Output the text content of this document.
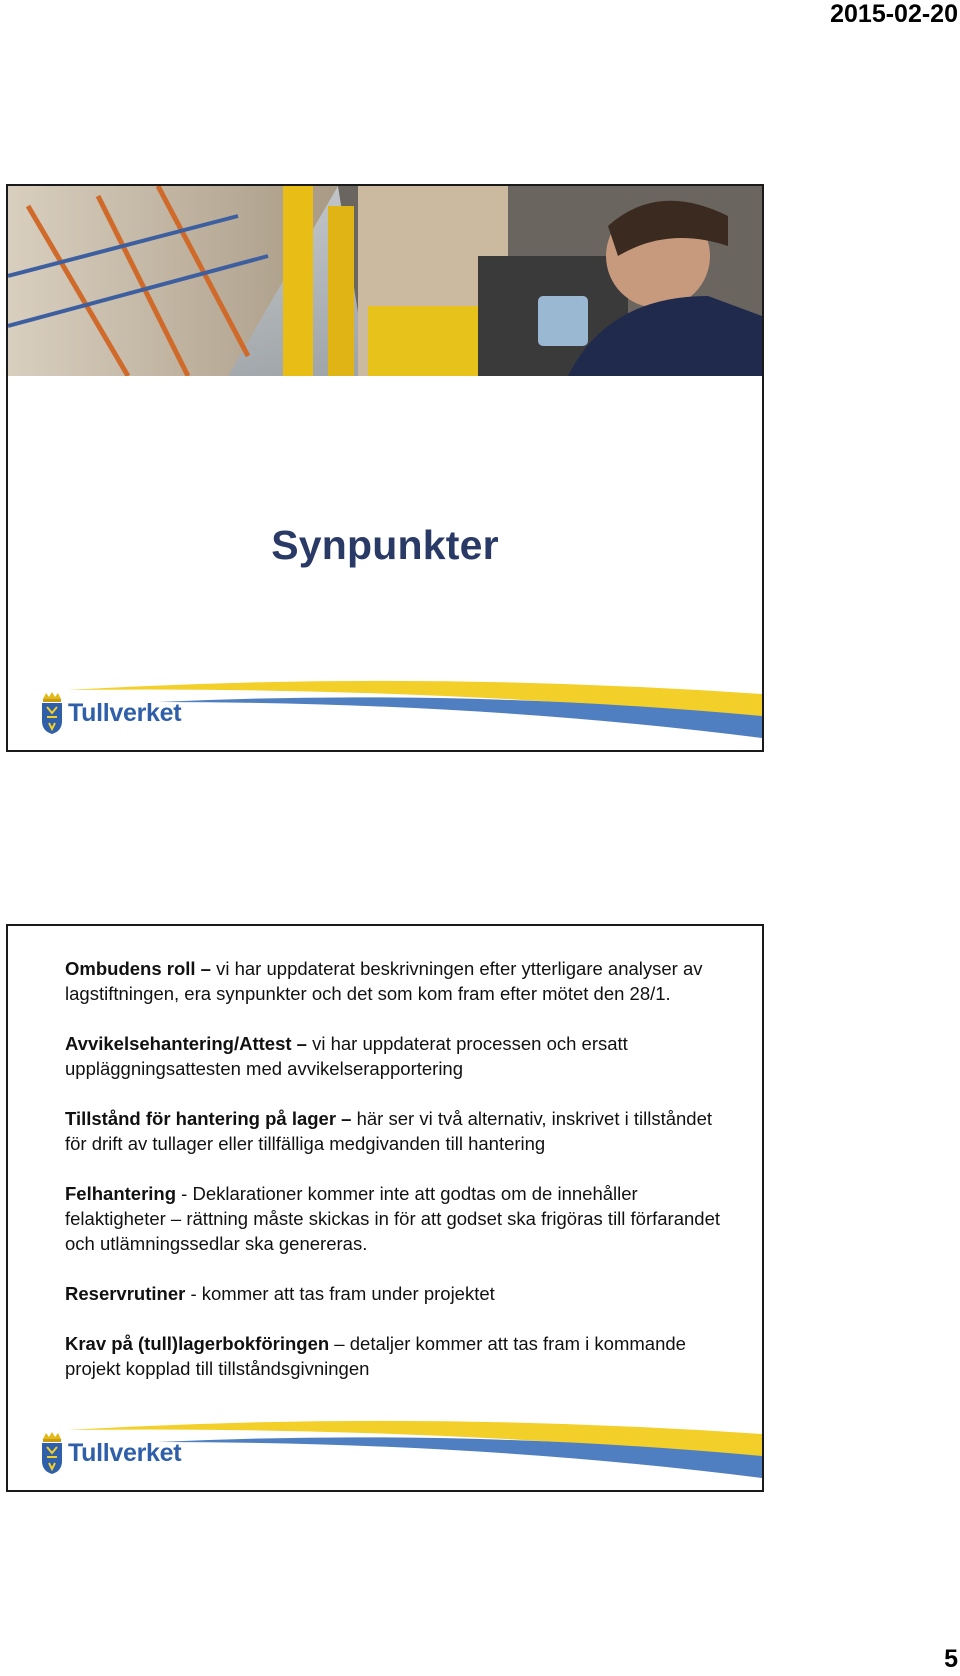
2015-02-20
Synpunkter
Tullverket

Ombudens roll – vi har uppdaterat beskrivningen efter ytterligare analyser av lagstiftningen, era synpunkter och det som kom fram efter mötet den 28/1.

Avvikelsehantering/Attest – vi har uppdaterat processen och ersatt uppläggningsattesten med avvikelserapportering

Tillstånd för hantering på lager – här ser vi två alternativ, inskrivet i tillståndet för drift av tullager eller tillfälliga medgivanden till hantering

Felhantering - Deklarationer kommer inte att godtas om de innehåller felaktigheter – rättning måste skickas in för att godset ska frigöras till förfarandet och utlämningssedlar ska genereras.

Reservrutiner - kommer att tas fram under projektet

Krav på (tull)lagerbokföringen – detaljer kommer att tas fram i kommande projekt kopplad till tillståndsgivningen

Tullverket
5
